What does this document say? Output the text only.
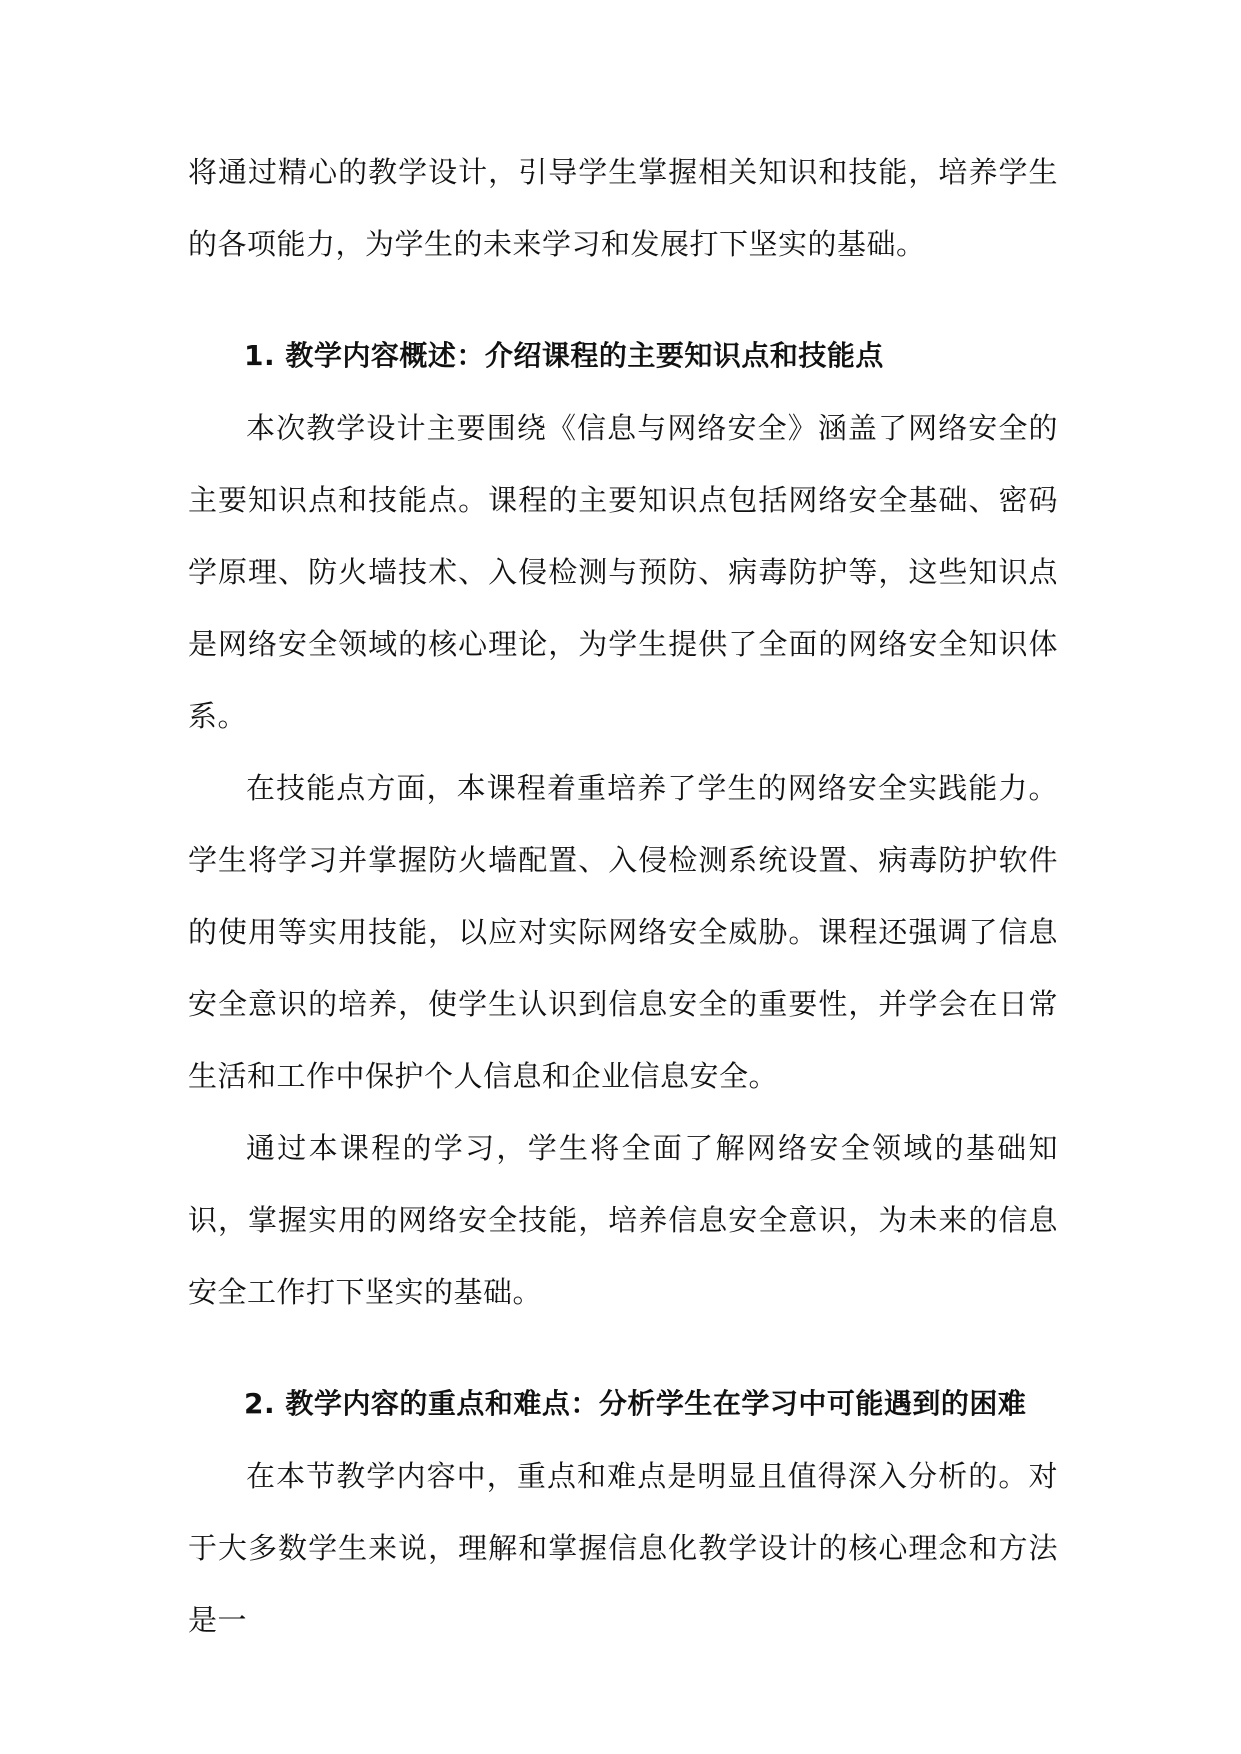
将通过精心的教学设计，引导学生掌握相关知识和技能，培养学生的各项能力，为学生的未来学习和发展打下坚实的基础。

1. 教学内容概述：介绍课程的主要知识点和技能点

本次教学设计主要围绕《信息与网络安全》涵盖了网络安全的主要知识点和技能点。课程的主要知识点包括网络安全基础、密码学原理、防火墙技术、入侵检测与预防、病毒防护等，这些知识点是网络安全领域的核心理论，为学生提供了全面的网络安全知识体系。

在技能点方面，本课程着重培养了学生的网络安全实践能力。学生将学习并掌握防火墙配置、入侵检测系统设置、病毒防护软件的使用等实用技能，以应对实际网络安全威胁。课程还强调了信息安全意识的培养，使学生认识到信息安全的重要性，并学会在日常生活和工作中保护个人信息和企业信息安全。

通过本课程的学习，学生将全面了解网络安全领域的基础知识，掌握实用的网络安全技能，培养信息安全意识，为未来的信息安全工作打下坚实的基础。

2. 教学内容的重点和难点：分析学生在学习中可能遇到的困难

在本节教学内容中，重点和难点是明显且值得深入分析的。对于大多数学生来说，理解和掌握信息化教学设计的核心理念和方法是一
